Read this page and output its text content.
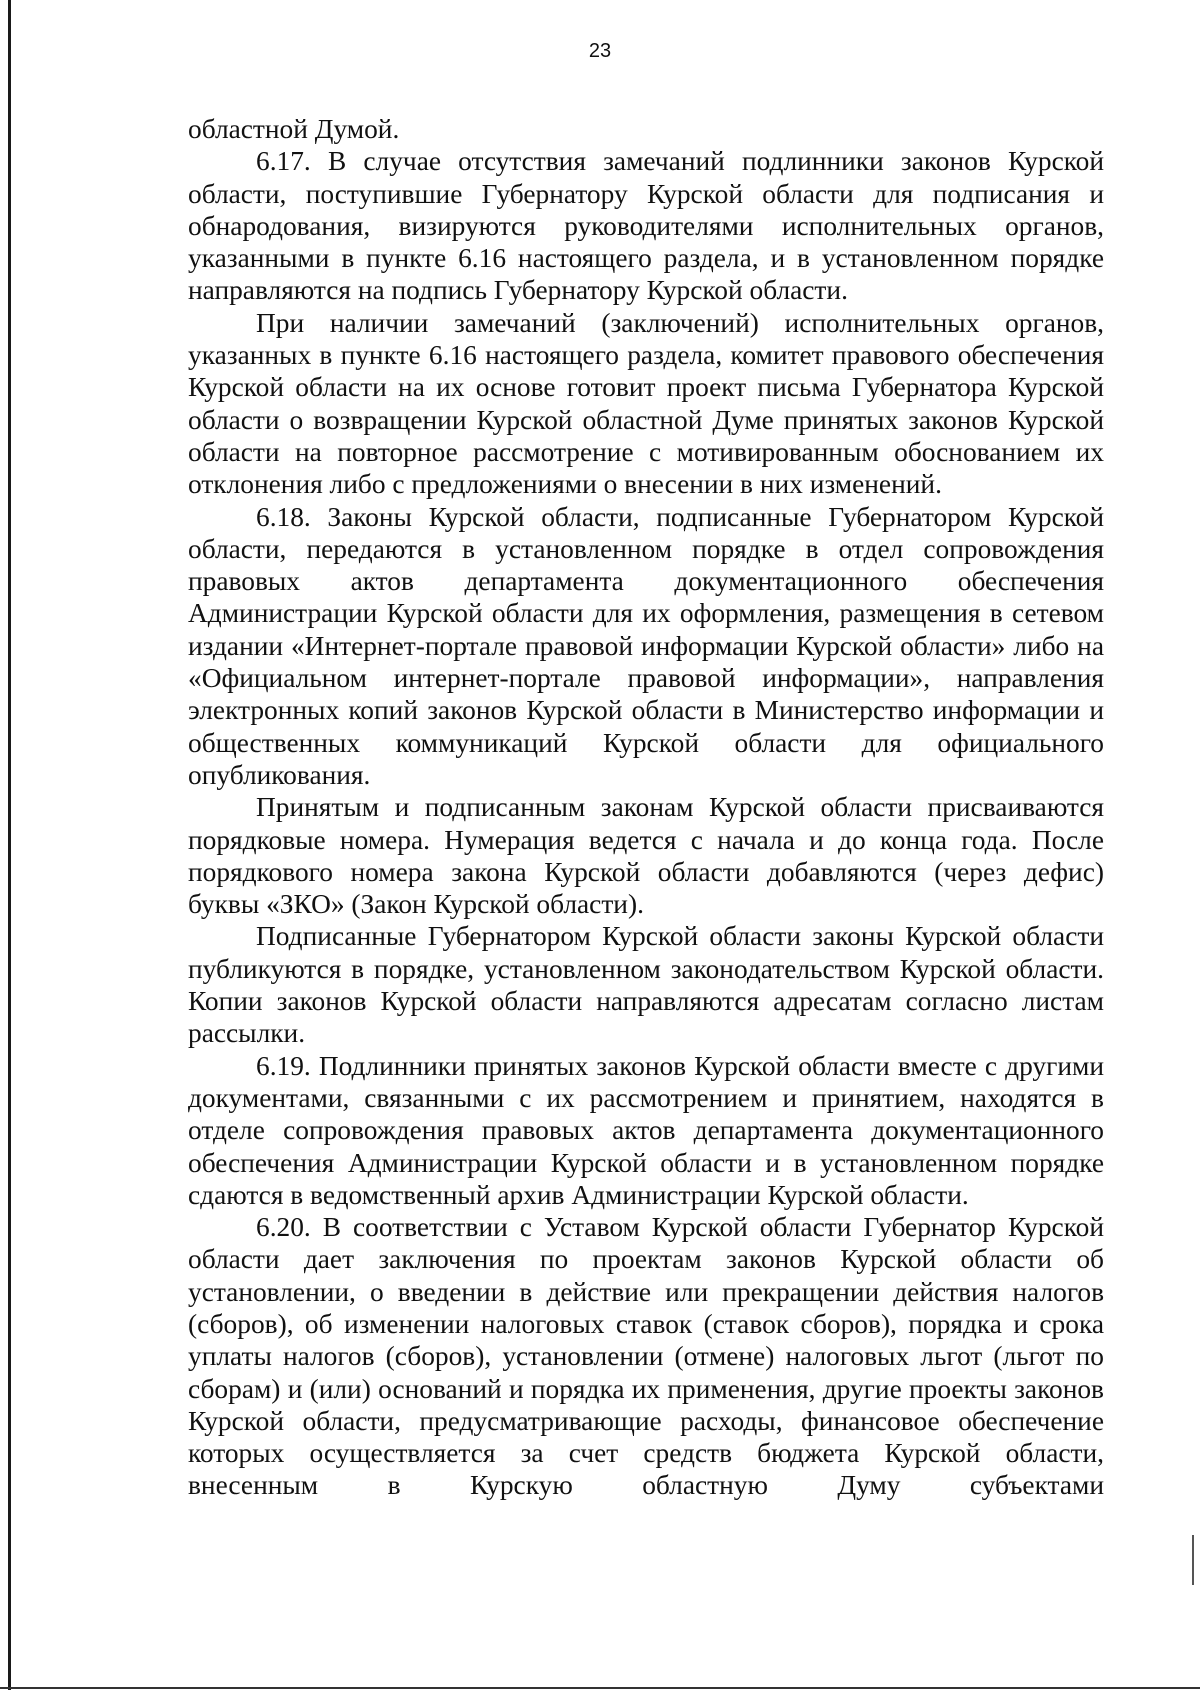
23

областной Думой.

6.17. В случае отсутствия замечаний подлинники законов Курской области, поступившие Губернатору Курской области для подписания и обнародования, визируются руководителями исполнительных органов, указанными в пункте 6.16 настоящего раздела, и в установленном порядке направляются на подпись Губернатору Курской области.

При наличии замечаний (заключений) исполнительных органов, указанных в пункте 6.16 настоящего раздела, комитет правового обеспечения Курской области на их основе готовит проект письма Губернатора Курской области о возвращении Курской областной Думе принятых законов Курской области на повторное рассмотрение с мотивированным обоснованием их отклонения либо с предложениями о внесении в них изменений.

6.18. Законы Курской области, подписанные Губернатором Курской области, передаются в установленном порядке в отдел сопровождения правовых актов департамента документационного обеспечения Администрации Курской области для их оформления, размещения в сетевом издании «Интернет-портале правовой информации Курской области» либо на «Официальном интернет-портале правовой информации», направления электронных копий законов Курской области в Министерство информации и общественных коммуникаций Курской области для официального опубликования.

Принятым и подписанным законам Курской области присваиваются порядковые номера. Нумерация ведется с начала и до конца года. После порядкового номера закона Курской области добавляются (через дефис) буквы «ЗКО» (Закон Курской области).

Подписанные Губернатором Курской области законы Курской области публикуются в порядке, установленном законодательством Курской области. Копии законов Курской области направляются адресатам согласно листам рассылки.

6.19. Подлинники принятых законов Курской области вместе с другими документами, связанными с их рассмотрением и принятием, находятся в отделе сопровождения правовых актов департамента документационного обеспечения Администрации Курской области и в установленном порядке сдаются в ведомственный архив Администрации Курской области.

6.20. В соответствии с Уставом Курской области Губернатор Курской области дает заключения по проектам законов Курской области об установлении, о введении в действие или прекращении действия налогов (сборов), об изменении налоговых ставок (ставок сборов), порядка и срока уплаты налогов (сборов), установлении (отмене) налоговых льгот (льгот по сборам) и (или) оснований и порядка их применения, другие проекты законов Курской области, предусматривающие расходы, финансовое обеспечение которых осуществляется за счет средств бюджета Курской области, внесенным в Курскую областную Думу субъектами
